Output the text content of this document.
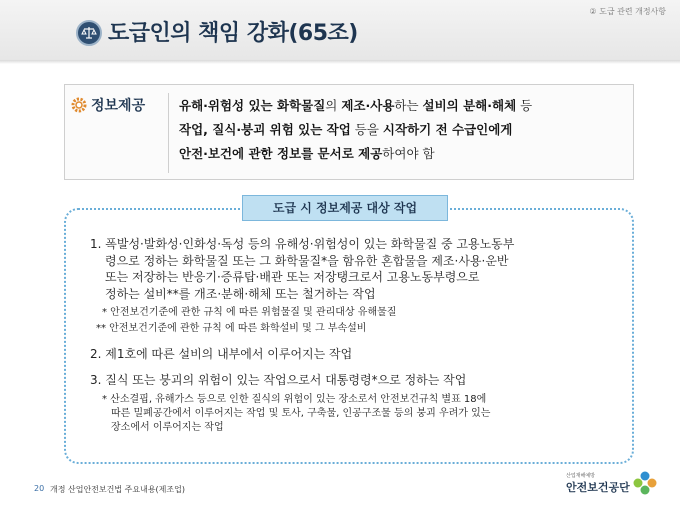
② 도급 관련 개정사항
도급인의 책임 강화(65조)
정보제공	유해·위험성 있는 화학물질의 제조·사용하는 설비의 분해·해체 등
작업, 질식·붕괴 위험 있는 작업 등을 시작하기 전 수급인에게
안전·보건에 관한 정보를 문서로 제공하여야 함
도급 시 정보제공 대상 작업
1. 폭발성·발화성·인화성·독성 등의 유해성·위험성이 있는 화학물질 중 고용노동부
령으로 정하는 화학물질 또는 그 화학물질*을 함유한 혼합물을 제조·사용·운반
또는 저장하는 반응기·증류탑·배관 또는 저장탱크로서 고용노동부령으로
정하는 설비**를 개조·분해·해체 또는 철거하는 작업
* 안전보건기준에 관한 규칙 에 따른 위험물질 및 관리대상 유해물질
** 안전보건기준에 관한 규칙 에 따른 화학설비 및 그 부속설비
2. 제1호에 따른 설비의 내부에서 이루어지는 작업
3. 질식 또는 붕괴의 위험이 있는 작업으로서 대통령령*으로 정하는 작업
* 산소결핍, 유해가스 등으로 인한 질식의 위험이 있는 장소로서 안전보건규칙 별표 18에
따른 밀폐공간에서 이루어지는 작업 및 토사, 구축물, 인공구조물 등의 붕괴 우려가 있는
장소에서 이루어지는 작업
20 개정 산업안전보건법 주요내용(제조업)
산업재해예방
안전보건공단
